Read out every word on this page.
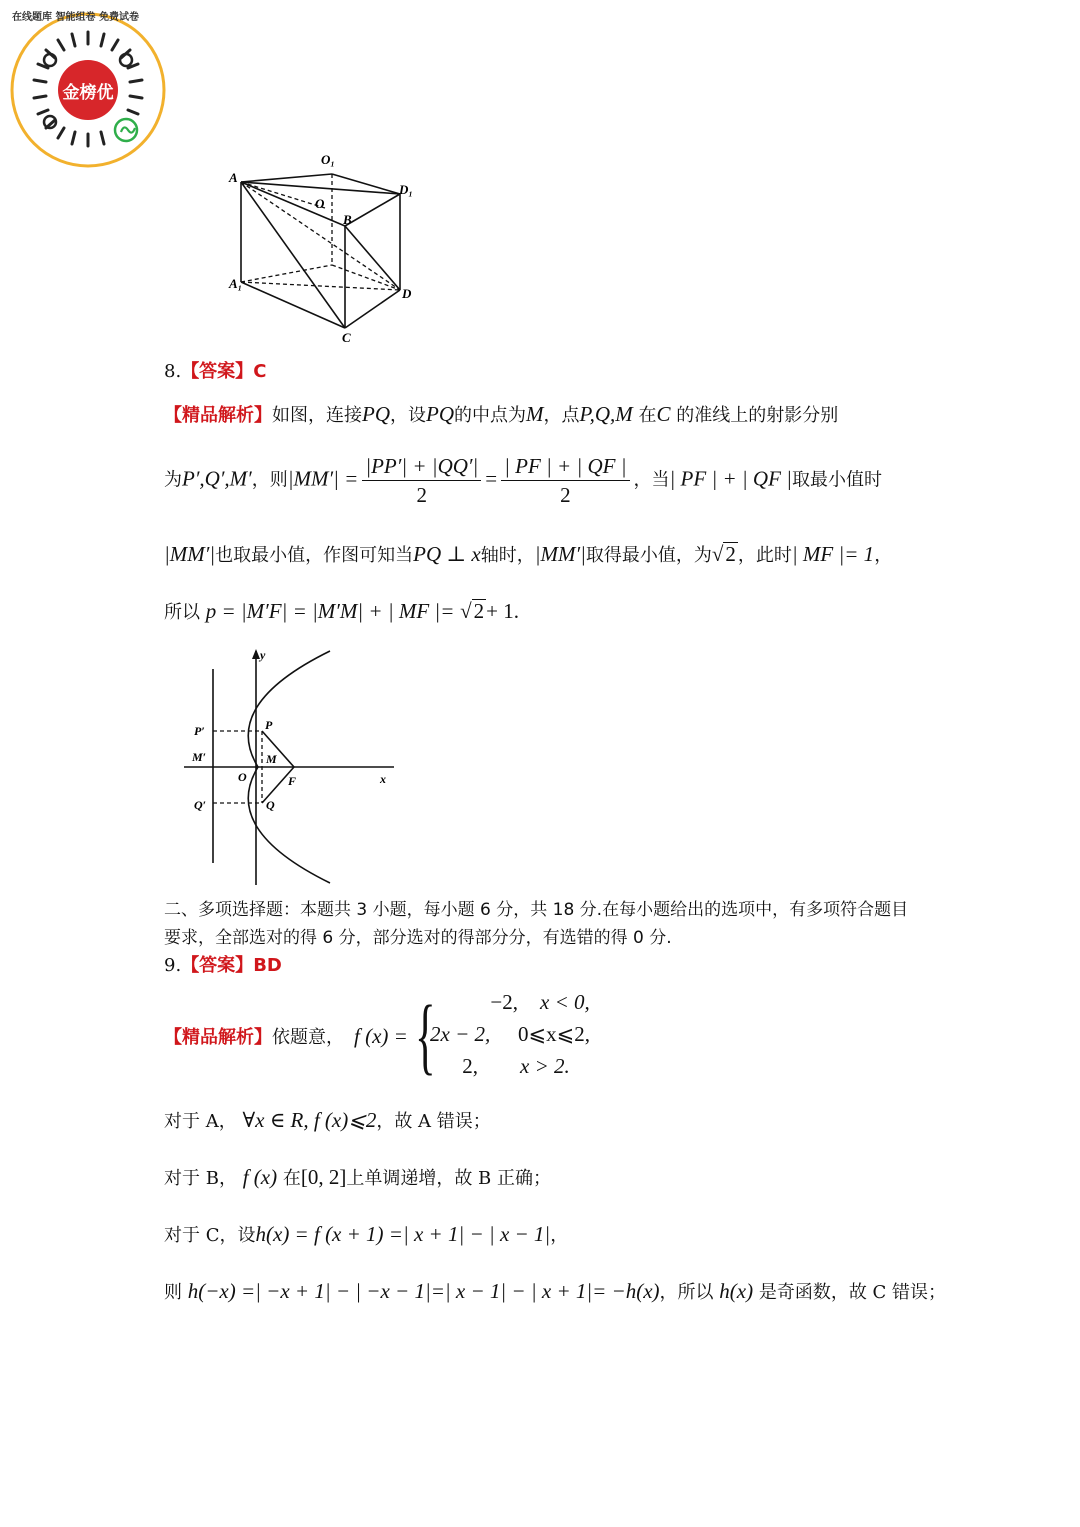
金榜优
在线题库 智能组卷 免费试卷
A
O₁
O
B
D₁
A₁
D
C
8.【答案】C
【精品解析】如图，连接PQ，设PQ的中点为M，点P,Q,M 在C 的准线上的射影分别
为P′,Q′,M′，则$|MM'| = \frac{|PP'| + |QQ'|}{2} = \frac{| PF | + | QF |}{2}$ ，当| PF | + | QF |取最小值时
|MM′|也取最小值，作图可知当PQ ⊥ x轴时，|MM′|取得最小值，为√2 ，此时| MF |= 1，
所以 p = |M′F| = |M′M| + | MF |= √2+ 1.
y
x
P′	P
M′	M
O	F
Q′	Q
二、多项选择题：本题共 3 小题，每小题 6 分，共 18 分.在每小题给出的选项中，有多项符合题目要求，全部选对的得 6 分，部分选对的得部分分，有选错的得 0 分.
9.【答案】BD
【精品解析】依题意， f (x) = {	−2, x < 0,
2x − 2, 0⩽x⩽2,
2, x > 2.
对于 A， ∀x ∈ R, f (x)⩽2，故 A 错误；
对于 B， f (x) 在[0, 2]上单调递增，故 B 正确；
对于 C，设h(x) = f (x + 1) =| x + 1| − | x − 1|，
则 h(−x) =| −x + 1| − | −x − 1|=| x − 1| − | x + 1|= −h(x)，所以 h(x) 是奇函数，故 C 错误；
